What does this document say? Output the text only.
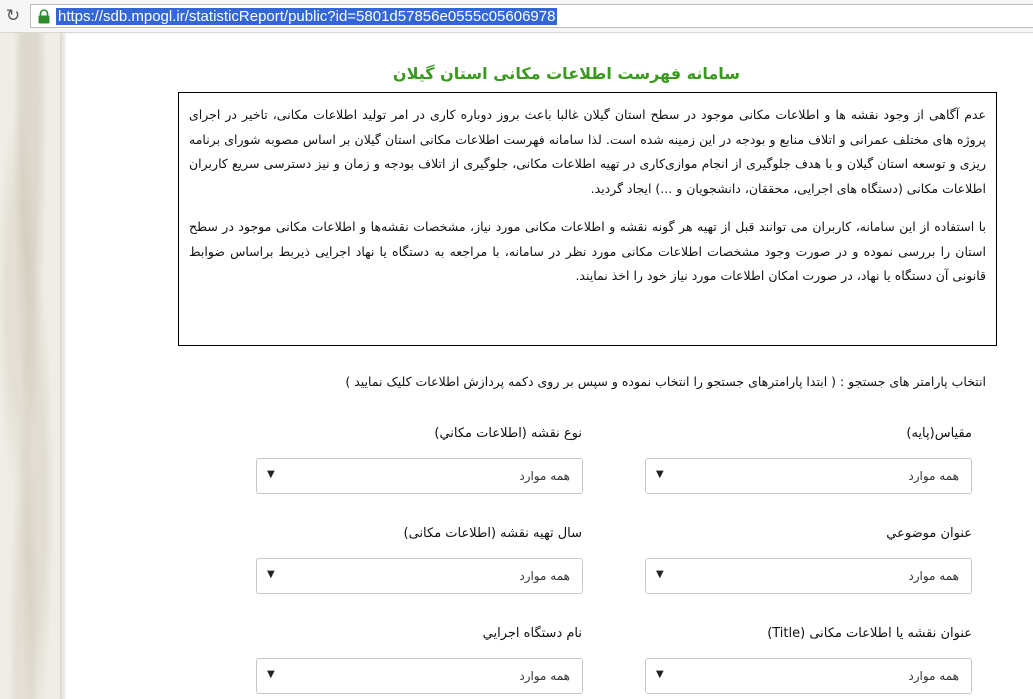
↻	https://sdb.mpogl.ir/statisticReport/public?id=5801d57856e0555c05606978
سامانه فهرست اطلاعات مکانی استان گیلان

عدم آگاهی از وجود نقشه ها و اطلاعات مکانی موجود در سطح استان گیلان غالبا باعث بروز دوباره کاری در امر تولید اطلاعات مکانی، تاخیر در اجرای پروژه های مختلف عمرانی و اتلاف منابع و بودجه در این زمینه شده است. لذا سامانه فهرست اطلاعات مکانی استان گیلان بر اساس مصوبه شورای برنامه ریزی و توسعه استان گیلان و با هدف جلوگیری از انجام موازی‌کاری در تهیه اطلاعات مکانی، جلوگیری از اتلاف بودجه و زمان و نیز دسترسی سریع کاربران اطلاعات مکانی (دستگاه های اجرایی، محققان، دانشجویان و ...) ایجاد گردید.

با استفاده از این سامانه، کاربران می توانند قبل از تهیه هر گونه نقشه و اطلاعات مکانی مورد نیاز، مشخصات نقشه‌ها و اطلاعات مکانی موجود در سطح استان را بررسی نموده و در صورت وجود مشخصات اطلاعات مکانی مورد نظر در سامانه، با مراجعه به دستگاه یا نهاد اجرایی ذیربط براساس ضوابط قانونی آن دستگاه یا نهاد، در صورت امکان اطلاعات مورد نیاز خود را اخذ نمایند.

انتخاب پارامتر های جستجو : ( ابتدا پارامترهای جستجو را انتخاب نموده و سپس بر روی دکمه پردازش اطلاعات کلیک نمایید )
مقیاس(پایه)
همه موارد
▼
نوع نقشه (اطلاعات مکاني)
همه موارد
▼
عنوان موضوعي
همه موارد
▼
سال تهیه نقشه (اطلاعات مکانی)
همه موارد
▼
عنوان نقشه یا اطلاعات مکانی (Title)
همه موارد
▼
نام دستگاه اجرایي
همه موارد
▼
